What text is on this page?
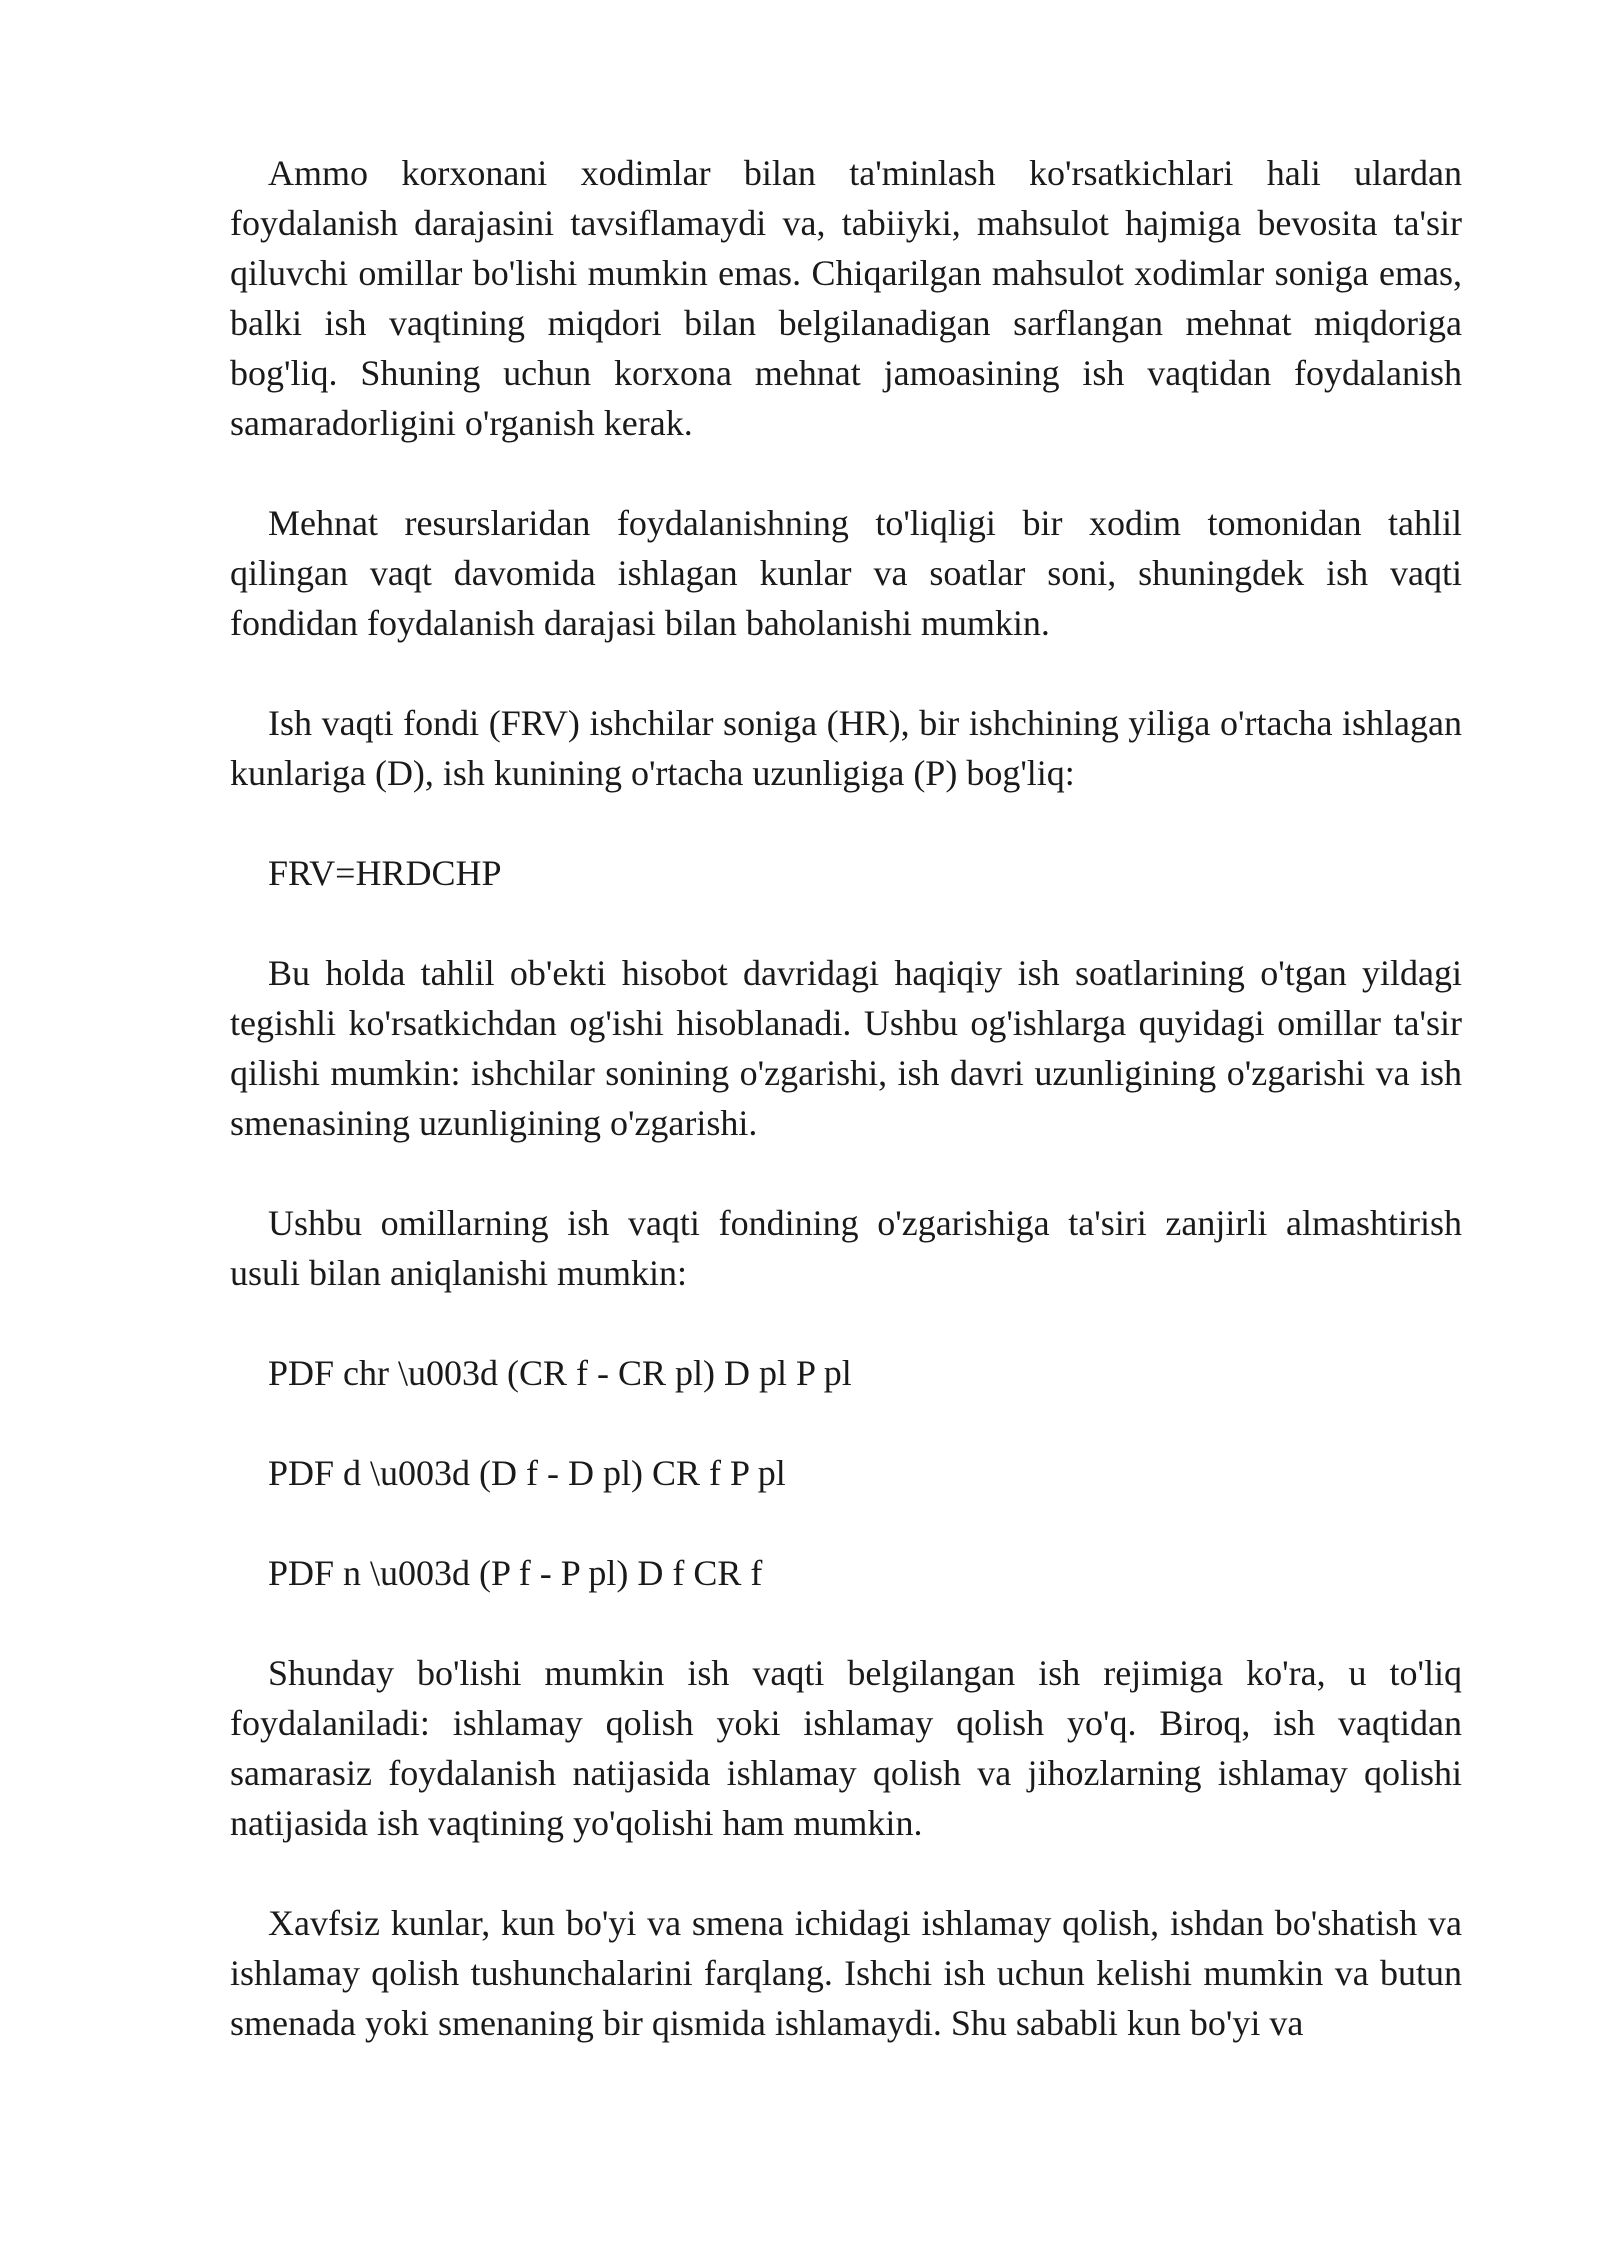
Ammo korxonani xodimlar bilan ta'minlash ko'rsatkichlari hali ulardan foydalanish darajasini tavsiflamaydi va, tabiiyki, mahsulot hajmiga bevosita ta'sir qiluvchi omillar bo'lishi mumkin emas. Chiqarilgan mahsulot xodimlar soniga emas, balki ish vaqtining miqdori bilan belgilanadigan sarflangan mehnat miqdoriga bog'liq. Shuning uchun korxona mehnat jamoasining ish vaqtidan foydalanish samaradorligini o'rganish kerak.

Mehnat resurslaridan foydalanishning to'liqligi bir xodim tomonidan tahlil qilingan vaqt davomida ishlagan kunlar va soatlar soni, shuningdek ish vaqti fondidan foydalanish darajasi bilan baholanishi mumkin.

Ish vaqti fondi (FRV) ishchilar soniga (HR), bir ishchining yiliga o'rtacha ishlagan kunlariga (D), ish kunining o'rtacha uzunligiga (P) bog'liq:

FRV=HRDCHP

Bu holda tahlil ob'ekti hisobot davridagi haqiqiy ish soatlarining o'tgan yildagi tegishli ko'rsatkichdan og'ishi hisoblanadi. Ushbu og'ishlarga quyidagi omillar ta'sir qilishi mumkin: ishchilar sonining o'zgarishi, ish davri uzunligining o'zgarishi va ish smenasining uzunligining o'zgarishi.

Ushbu omillarning ish vaqti fondining o'zgarishiga ta'siri zanjirli almashtirish usuli bilan aniqlanishi mumkin:

PDF chr \u003d (CR f - CR pl) D pl P pl

PDF d \u003d (D f - D pl) CR f P pl

PDF n \u003d (P f - P pl) D f CR f

Shunday bo'lishi mumkin ish vaqti belgilangan ish rejimiga ko'ra, u to'liq foydalaniladi: ishlamay qolish yoki ishlamay qolish yo'q. Biroq, ish vaqtidan samarasiz foydalanish natijasida ishlamay qolish va jihozlarning ishlamay qolishi natijasida ish vaqtining yo'qolishi ham mumkin.

Xavfsiz kunlar, kun bo'yi va smena ichidagi ishlamay qolish, ishdan bo'shatish va ishlamay qolish tushunchalarini farqlang. Ishchi ish uchun kelishi mumkin va butun smenada yoki smenaning bir qismida ishlamaydi. Shu sababli kun bo'yi va
